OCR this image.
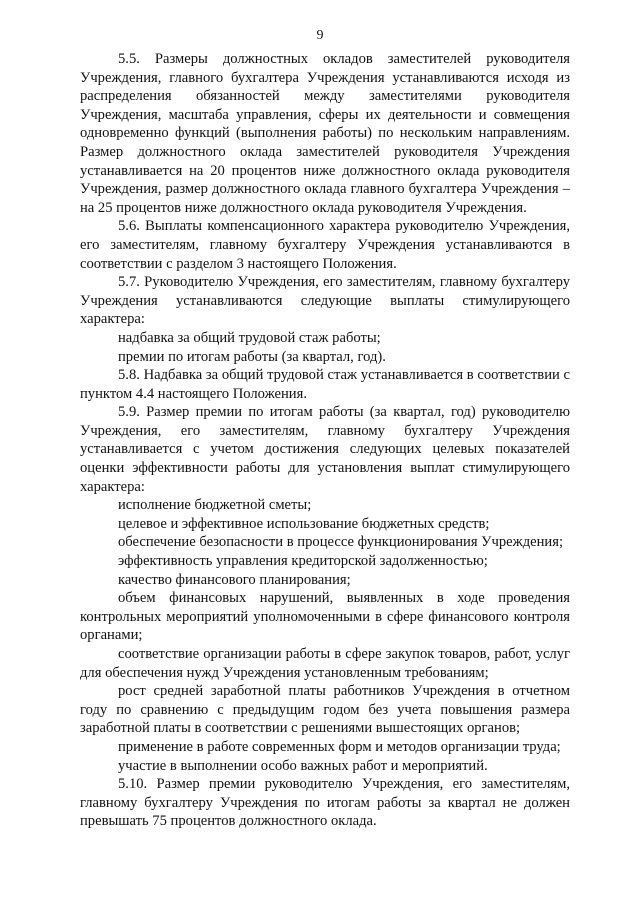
9

5.5. Размеры должностных окладов заместителей руководителя Учреждения, главного бухгалтера Учреждения устанавливаются исходя из распределения обязанностей между заместителями руководителя Учреждения, масштаба управления, сферы их деятельности и совмещения одновременно функций (выполнения работы) по нескольким направлениям. Размер должностного оклада заместителей руководителя Учреждения устанавливается на 20 процентов ниже должностного оклада руководителя Учреждения, размер должностного оклада главного бухгалтера Учреждения – на 25 процентов ниже должностного оклада руководителя Учреждения.

5.6. Выплаты компенсационного характера руководителю Учреждения, его заместителям, главному бухгалтеру Учреждения устанавливаются в соответствии с разделом 3 настоящего Положения.

5.7. Руководителю Учреждения, его заместителям, главному бухгалтеру Учреждения устанавливаются следующие выплаты стимулирующего характера:

надбавка за общий трудовой стаж работы;

премии по итогам работы (за квартал, год).

5.8. Надбавка за общий трудовой стаж устанавливается в соответствии с пунктом 4.4 настоящего Положения.

5.9. Размер премии по итогам работы (за квартал, год) руководителю Учреждения, его заместителям, главному бухгалтеру Учреждения устанавливается с учетом достижения следующих целевых показателей оценки эффективности работы для установления выплат стимулирующего характера:

исполнение бюджетной сметы;

целевое и эффективное использование бюджетных средств;

обеспечение безопасности в процессе функционирования Учреждения;

эффективность управления кредиторской задолженностью;

качество финансового планирования;

объем финансовых нарушений, выявленных в ходе проведения контрольных мероприятий уполномоченными в сфере финансового контроля органами;

соответствие организации работы в сфере закупок товаров, работ, услуг для обеспечения нужд Учреждения установленным требованиям;

рост средней заработной платы работников Учреждения в отчетном году по сравнению с предыдущим годом без учета повышения размера заработной платы в соответствии с решениями вышестоящих органов;

применение в работе современных форм и методов организации труда;

участие в выполнении особо важных работ и мероприятий.

5.10. Размер премии руководителю Учреждения, его заместителям, главному бухгалтеру Учреждения по итогам работы за квартал не должен превышать 75 процентов должностного оклада.
